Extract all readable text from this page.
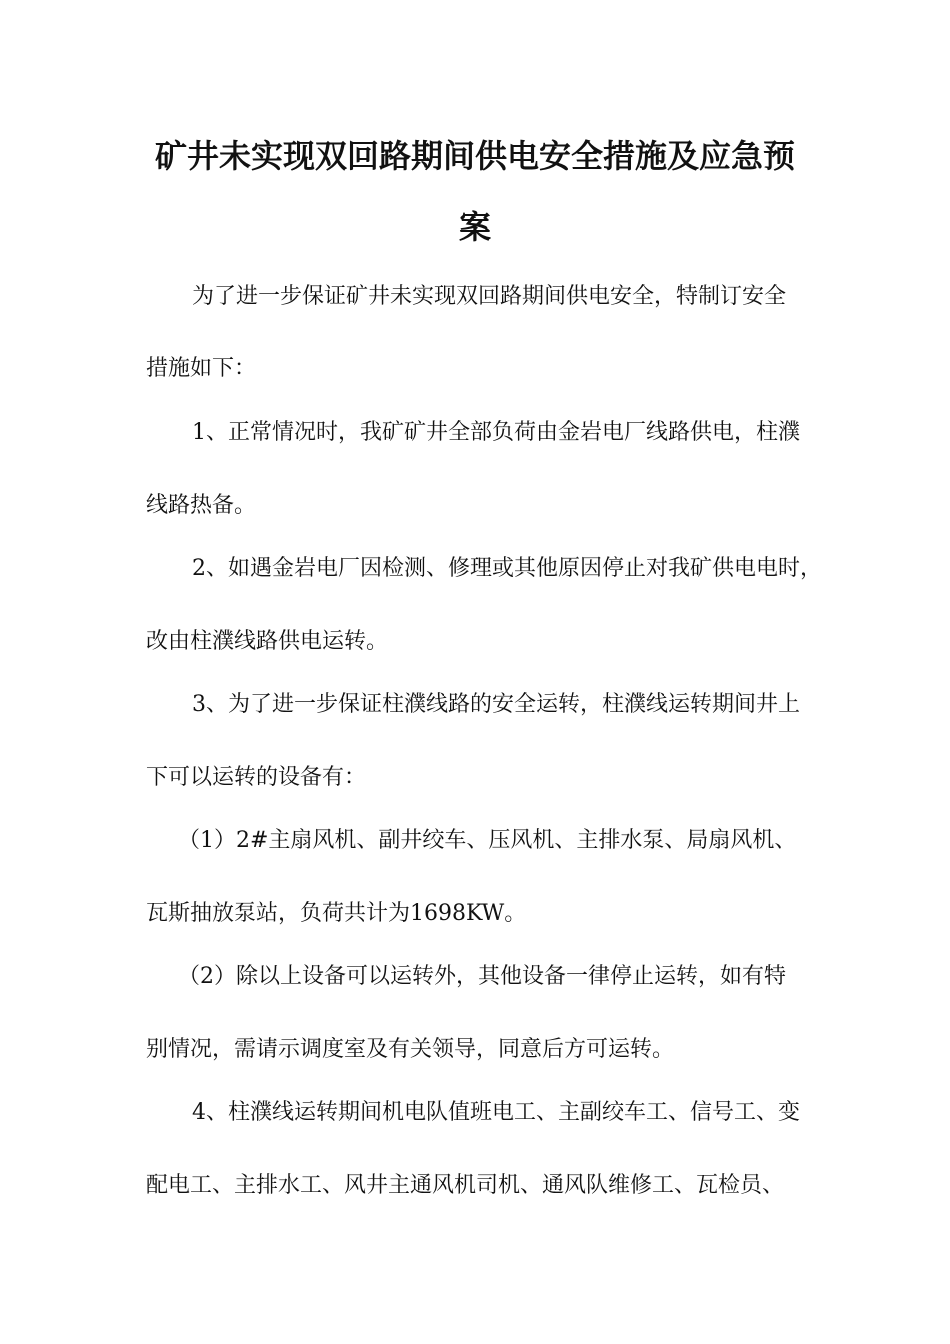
矿井未实现双回路期间供电安全措施及应急预
案
为了进一步保证矿井未实现双回路期间供电安全，特制订安全
措施如下：
1、正常情况时，我矿矿井全部负荷由金岩电厂线路供电，柱濮
线路热备。
2、如遇金岩电厂因检测、修理或其他原因停止对我矿供电电时，
改由柱濮线路供电运转。
3、为了进一步保证柱濮线路的安全运转，柱濮线运转期间井上
下可以运转的设备有：
（1）2#主扇风机、副井绞车、压风机、主排水泵、局扇风机、
瓦斯抽放泵站，负荷共计为1698KW。
（2）除以上设备可以运转外，其他设备一律停止运转，如有特
别情况，需请示调度室及有关领导，同意后方可运转。
4、柱濮线运转期间机电队值班电工、主副绞车工、信号工、变
配电工、主排水工、风井主通风机司机、通风队维修工、瓦检员、
